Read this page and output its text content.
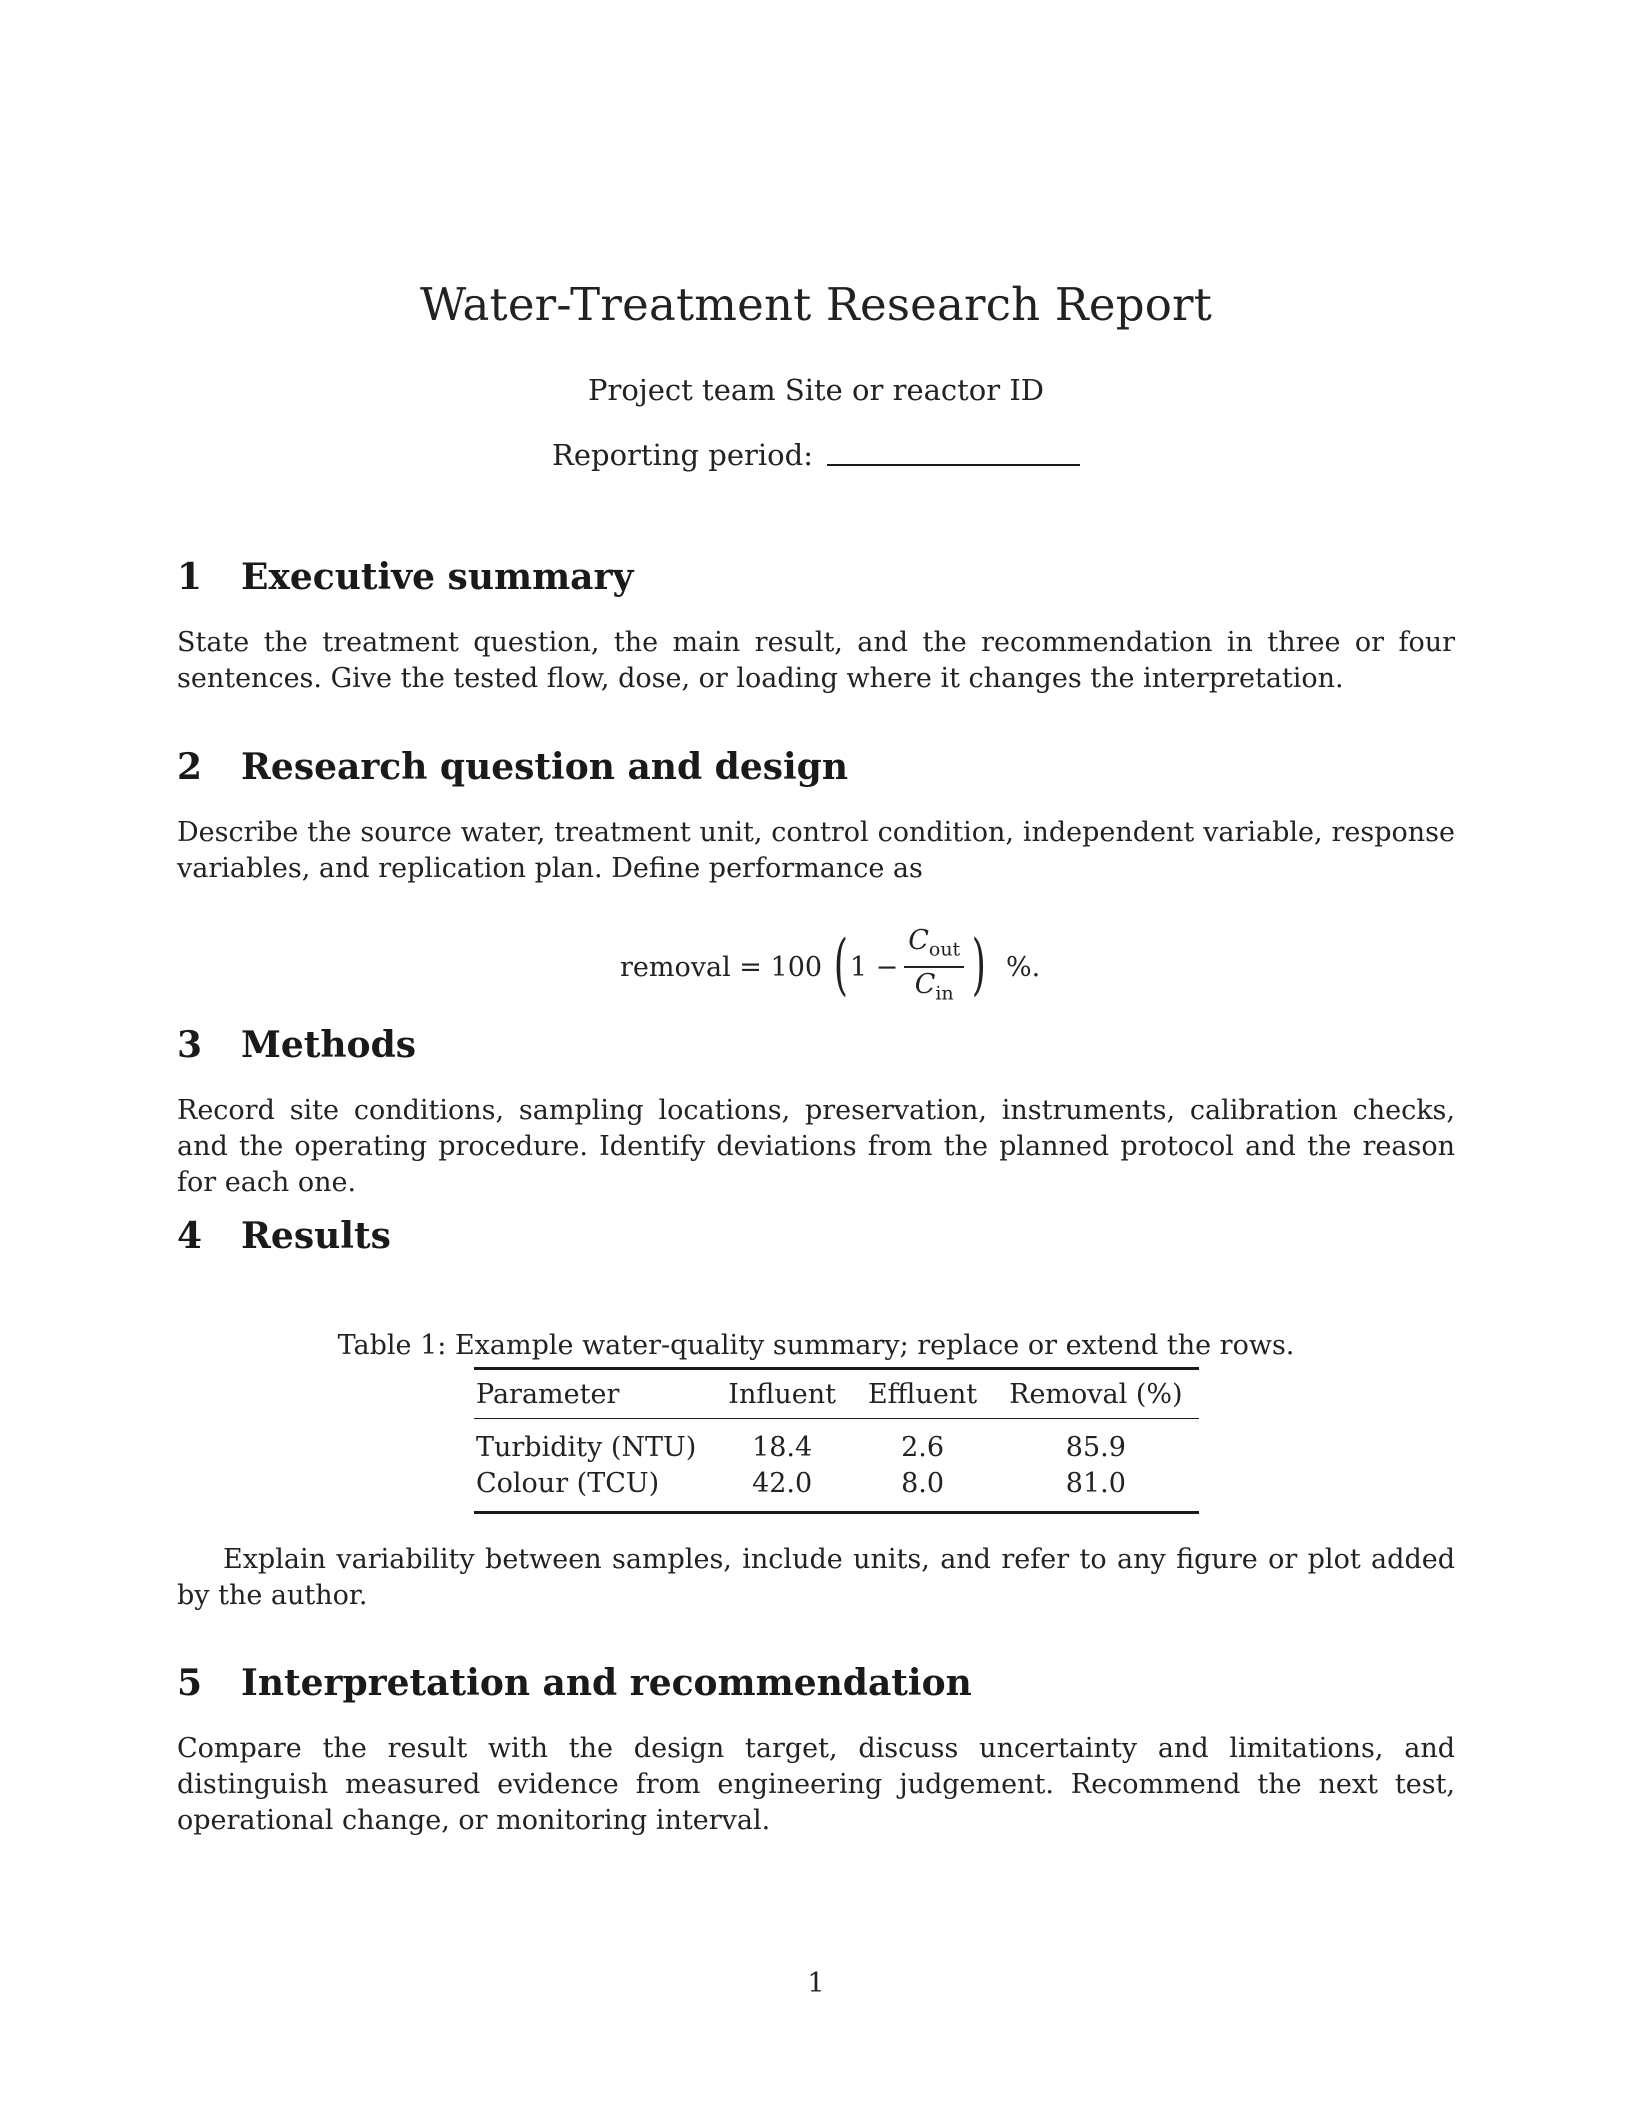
Water-Treatment Research Report
Project team Site or reactor ID
Reporting period:
1 Executive summary

State the treatment question, the main result, and the recommendation in three or four sentences. Give the tested flow, dose, or loading where it changes the interpretation.

2 Research question and design

Describe the source water, treatment unit, control condition, independent variable, response variables, and replication plan. Define performance as

removal = 100 ( $1 - \frac{C_{out}}{C_{in}}$ ) %.
3 Methods

Record site conditions, sampling locations, preservation, instruments, calibration checks, and the operating procedure. Identify deviations from the planned protocol and the reason for each one.

4 Results
Table 1: Example water-quality summary; replace or extend the rows.
Parameter	Influent	Effluent	Removal (%)
Turbidity (NTU)	18.4	2.6	85.9
Colour (TCU)	42.0	8.0	81.0

Explain variability between samples, include units, and refer to any figure or plot added by the author.

5 Interpretation and recommendation

Compare the result with the design target, discuss uncertainty and limitations, and distinguish measured evidence from engineering judgement. Recommend the next test, operational change, or monitoring interval.

1
